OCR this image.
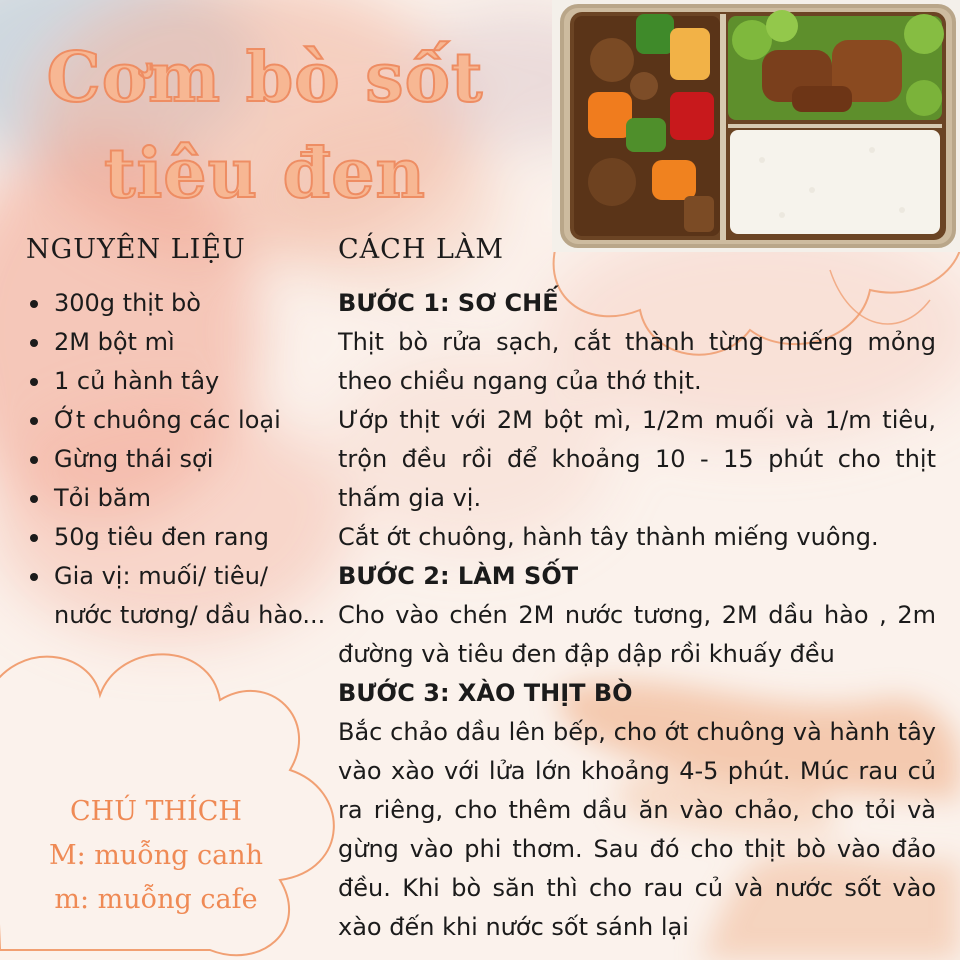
Cơm bò sốt
tiêu đen
NGUYÊN LIỆU
300g thịt bò
2M bột mì
1 củ hành tây
Ớt chuông các loại
Gừng thái sợi
Tỏi băm
50g tiêu đen rang
Gia vị: muối/ tiêu/ nước tương/ dầu hào...
CÁCH LÀM

BƯỚC 1: SƠ CHẾ

Thịt bò rửa sạch, cắt thành từng miếng mỏng theo chiều ngang của thớ thịt.

Ướp thịt với 2M bột mì, 1/2m muối và 1/m tiêu, trộn đều rồi để khoảng 10 - 15 phút cho thịt thấm gia vị.

Cắt ớt chuông, hành tây thành miếng vuông.

BƯỚC 2: LÀM SỐT

Cho vào chén 2M nước tương, 2M dầu hào , 2m đường và tiêu đen đập dập rồi khuấy đều

BƯỚC 3: XÀO THỊT BÒ

Bắc chảo dầu lên bếp, cho ớt chuông và hành tây vào xào với lửa lớn khoảng 4-5 phút. Múc rau củ ra riêng, cho thêm dầu ăn vào chảo, cho tỏi và gừng vào phi thơm. Sau đó cho thịt bò vào đảo đều. Khi bò săn thì cho rau củ và nước sốt vào xào đến khi nước sốt sánh lại

CHÚ THÍCH
M: muỗng canh
m: muỗng cafe
